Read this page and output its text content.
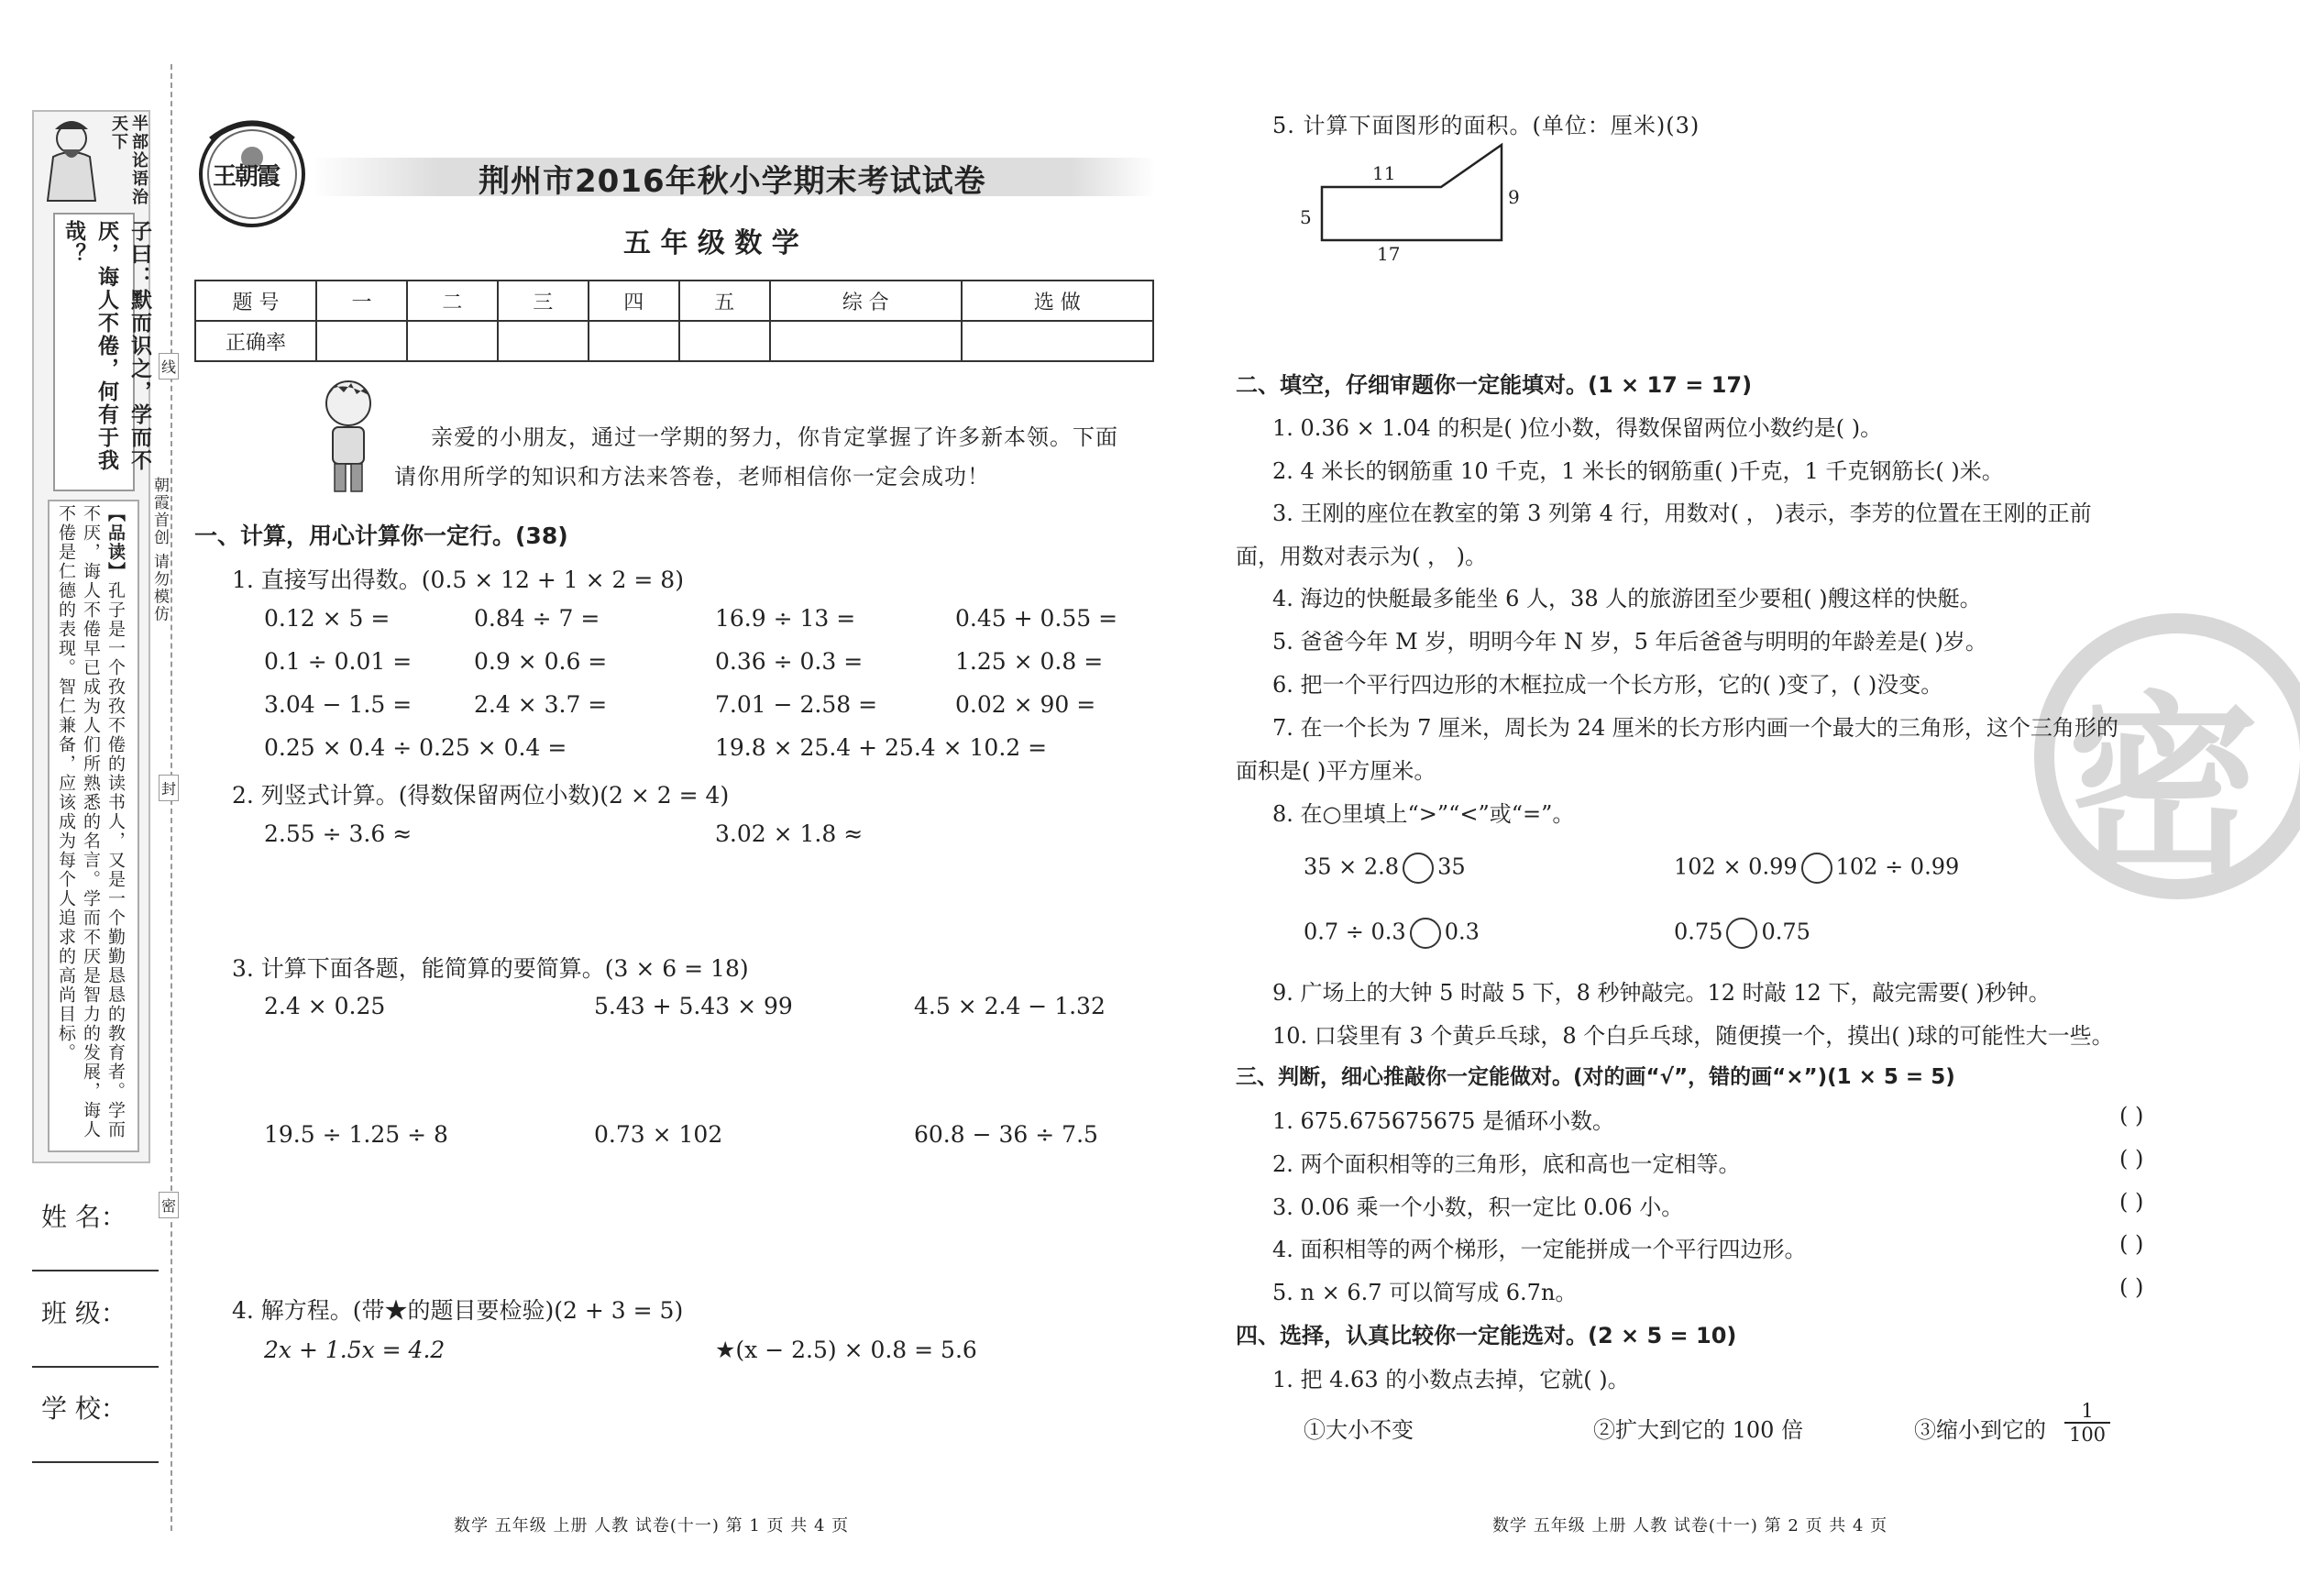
半部论语治天下
子曰：默而识之，学而不厌，诲人不倦，何有于我哉？
【品读】孔子是一个孜孜不倦的读书人，又是一个勤勤恳恳的教育者。学而不厌，诲人不倦早已成为人们所熟悉的名言。学而不厌是智力的发展，诲人不倦是仁德的表现。智仁兼备，应该成为每个人追求的高尚目标。
姓 名：
班 级：
学 校：
线
朝霞首创 请勿模仿
封
密
王朝霞	荆州市2016年秋小学期末考试试卷
五 年 级 数 学
题 号	一	二	三	四	五	综 合	选 做
正确率							
亲爱的小朋友，通过一学期的努力，你肯定掌握了许多新本领。下面
请你用所学的知识和方法来答卷，老师相信你一定会成功！
一、计算，用心计算你一定行。(38)
1. 直接写出得数。(0.5 × 12 + 1 × 2 = 8)
0.12 × 5 =	0.84 ÷ 7 =	16.9 ÷ 13 =	0.45 + 0.55 =
0.1 ÷ 0.01 =	0.9 × 0.6 =	0.36 ÷ 0.3 =	1.25 × 0.8 =
3.04 − 1.5 =	2.4 × 3.7 =	7.01 − 2.58 =	0.02 × 90 =
0.25 × 0.4 ÷ 0.25 × 0.4 =	19.8 × 25.4 + 25.4 × 10.2 =
2. 列竖式计算。(得数保留两位小数)(2 × 2 = 4)
2.55 ÷ 3.6 ≈	3.02 × 1.8 ≈
3. 计算下面各题，能简算的要简算。(3 × 6 = 18)
2.4 × 0.25	5.43 + 5.43 × 99	4.5 × 2.4 − 1.32
19.5 ÷ 1.25 ÷ 8	0.73 × 102	60.8 − 36 ÷ 7.5
4. 解方程。(带★的题目要检验)(2 + 3 = 5)
2x + 1.5x = 4.2	★(x − 2.5) × 0.8 = 5.6
数学 五年级 上册 人教 试卷(十一) 第 1 页 共 4 页
5. 计算下面图形的面积。(单位：厘米)(3)
11
9
5
17
密
二、填空，仔细审题你一定能填对。(1 × 17 = 17)
1. 0.36 × 1.04 的积是( )位小数，得数保留两位小数约是( )。
2. 4 米长的钢筋重 10 千克，1 米长的钢筋重( )千克，1 千克钢筋长( )米。
3. 王刚的座位在教室的第 3 列第 4 行，用数对( ， )表示，李芳的位置在王刚的正前
面，用数对表示为( ， )。
4. 海边的快艇最多能坐 6 人，38 人的旅游团至少要租( )艘这样的快艇。
5. 爸爸今年 M 岁，明明今年 N 岁，5 年后爸爸与明明的年龄差是( )岁。
6. 把一个平行四边形的木框拉成一个长方形，它的( )变了，( )没变。
7. 在一个长为 7 厘米，周长为 24 厘米的长方形内画一个最大的三角形，这个三角形的
面积是( )平方厘米。
8. 在○里填上“>”“<”或“=”。
35 × 2.8 35	102 × 0.99 102 ÷ 0.99
0.7 ÷ 0.3 0.3	0.75̇ 0.75
9. 广场上的大钟 5 时敲 5 下，8 秒钟敲完。12 时敲 12 下，敲完需要( )秒钟。
10. 口袋里有 3 个黄乒乓球，8 个白乒乓球，随便摸一个，摸出( )球的可能性大一些。
三、判断，细心推敲你一定能做对。(对的画“√”，错的画“×”)(1 × 5 = 5)
1. 675.675675675 是循环小数。	( )
2. 两个面积相等的三角形，底和高也一定相等。	( )
3. 0.06 乘一个小数，积一定比 0.06 小。	( )
4. 面积相等的两个梯形，一定能拼成一个平行四边形。	( )
5. n × 6.7 可以简写成 6.7n。	( )
四、选择，认真比较你一定能选对。(2 × 5 = 10)
1. 把 4.63 的小数点去掉，它就( )。
①大小不变	②扩大到它的 100 倍	③缩小到它的 $\frac{1}{100}$
数学 五年级 上册 人教 试卷(十一) 第 2 页 共 4 页
